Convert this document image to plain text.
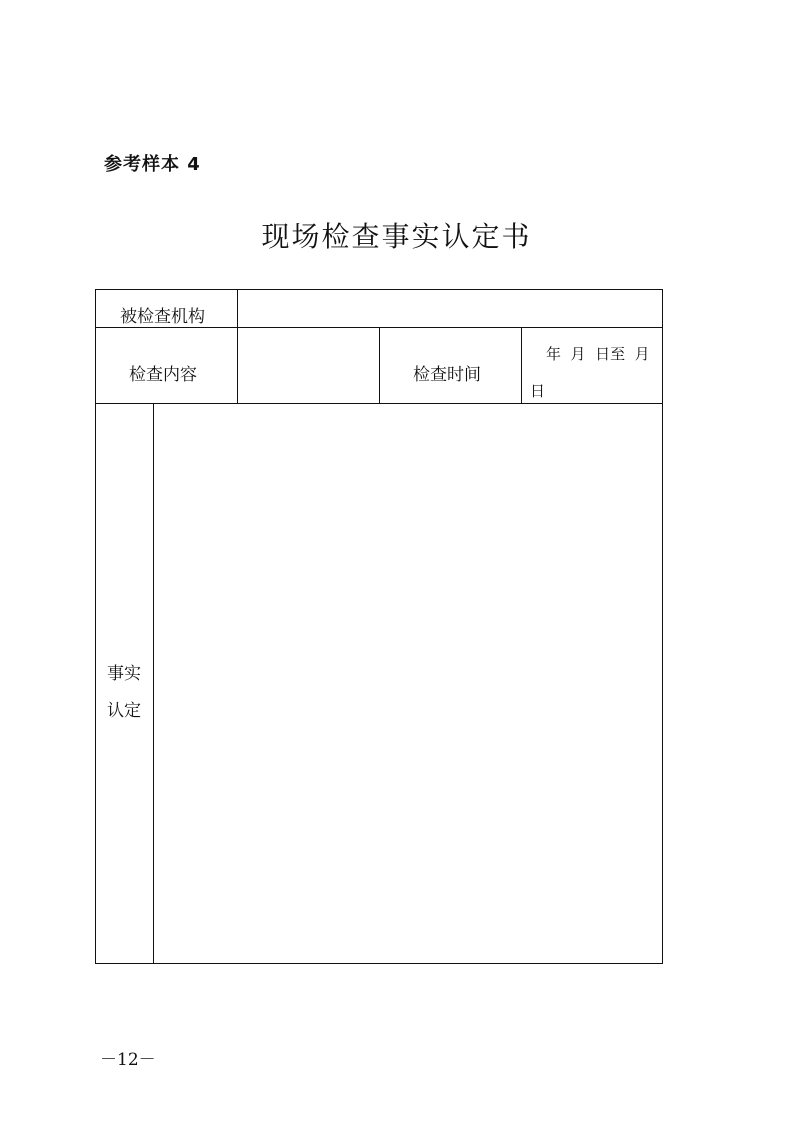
参考样本 4
现场检查事实认定书
被检查机构
检查内容	检查时间
年  月  日至  月
日
事实
认定
－12－
